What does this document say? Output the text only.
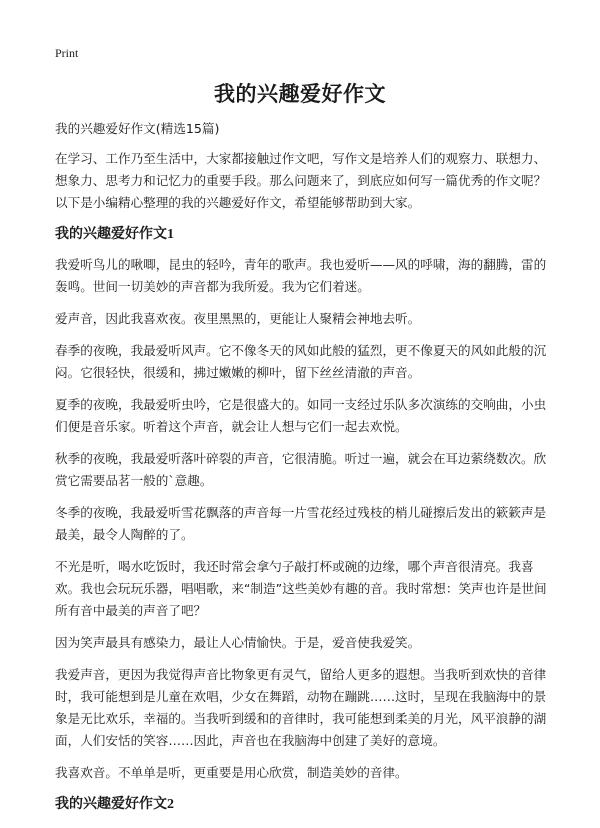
Print
我的兴趣爱好作文

我的兴趣爱好作文(精选15篇)

在学习、工作乃至生活中，大家都接触过作文吧，写作文是培养人们的观察力、联想力、想象力、思考力和记忆力的重要手段。那么问题来了，到底应如何写一篇优秀的作文呢？以下是小编精心整理的我的兴趣爱好作文，希望能够帮助到大家。

我的兴趣爱好作文1

我爱听鸟儿的啾唧，昆虫的轻吟，青年的歌声。我也爱听——风的呼啸，海的翻腾，雷的轰鸣。世间一切美妙的声音都为我所爱。我为它们着迷。

爱声音，因此我喜欢夜。夜里黑黑的，更能让人聚精会神地去听。

春季的夜晚，我最爱听风声。它不像冬天的风如此般的猛烈，更不像夏天的风如此般的沉闷。它很轻快，很缓和，拂过嫩嫩的柳叶，留下丝丝清澈的声音。

夏季的夜晚，我最爱听虫吟，它是很盛大的。如同一支经过乐队多次演练的交响曲，小虫们便是音乐家。听着这个声音，就会让人想与它们一起去欢悦。

秋季的夜晚，我最爱听落叶碎裂的声音，它很清脆。听过一遍，就会在耳边萦绕数次。欣赏它需要品茗一般的`意趣。

冬季的夜晚，我最爱听雪花飘落的声音每一片雪花经过残枝的梢儿碰擦后发出的簌簌声是最美，最令人陶醉的了。

不光是听，喝水吃饭时，我还时常会拿勺子敲打杯或碗的边缘，哪个声音很清亮。我喜欢。我也会玩玩乐器，唱唱歌，来“制造”这些美妙有趣的音。我时常想：笑声也许是世间所有音中最美的声音了吧？

因为笑声最具有感染力，最让人心情愉快。于是，爱音使我爱笑。

我爱声音，更因为我觉得声音比物象更有灵气，留给人更多的遐想。当我听到欢快的音律时，我可能想到是儿童在欢唱，少女在舞蹈，动物在蹦跳……这时，呈现在我脑海中的景象是无比欢乐，幸福的。当我听到缓和的音律时，我可能想到柔美的月光，风平浪静的湖面，人们安恬的笑容……因此，声音也在我脑海中创建了美好的意境。

我喜欢音。不单单是听，更重要是用心欣赏，制造美妙的音律。

我的兴趣爱好作文2
